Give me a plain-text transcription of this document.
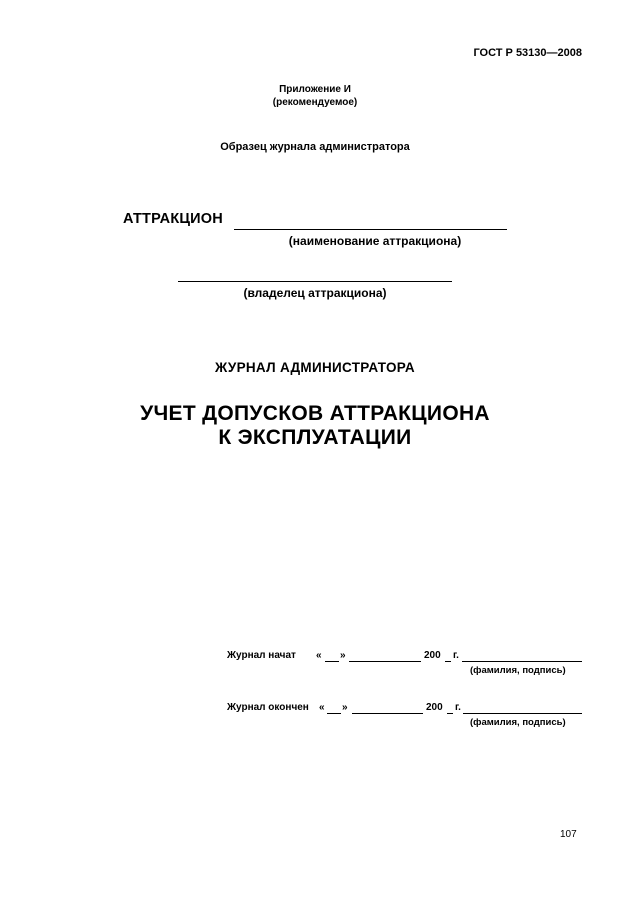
ГОСТ Р 53130—2008
Приложение И
(рекомендуемое)
Образец журнала администратора
АТТРАКЦИОН
(наименование аттракциона)
(владелец аттракциона)
ЖУРНАЛ АДМИНИСТРАТОРА
УЧЕТ ДОПУСКОВ АТТРАКЦИОНА
К ЭКСПЛУАТАЦИИ
Журнал начат « »	200 г.
(фамилия, подпись)
Журнал окончен « »	200 г.
(фамилия, подпись)
107
